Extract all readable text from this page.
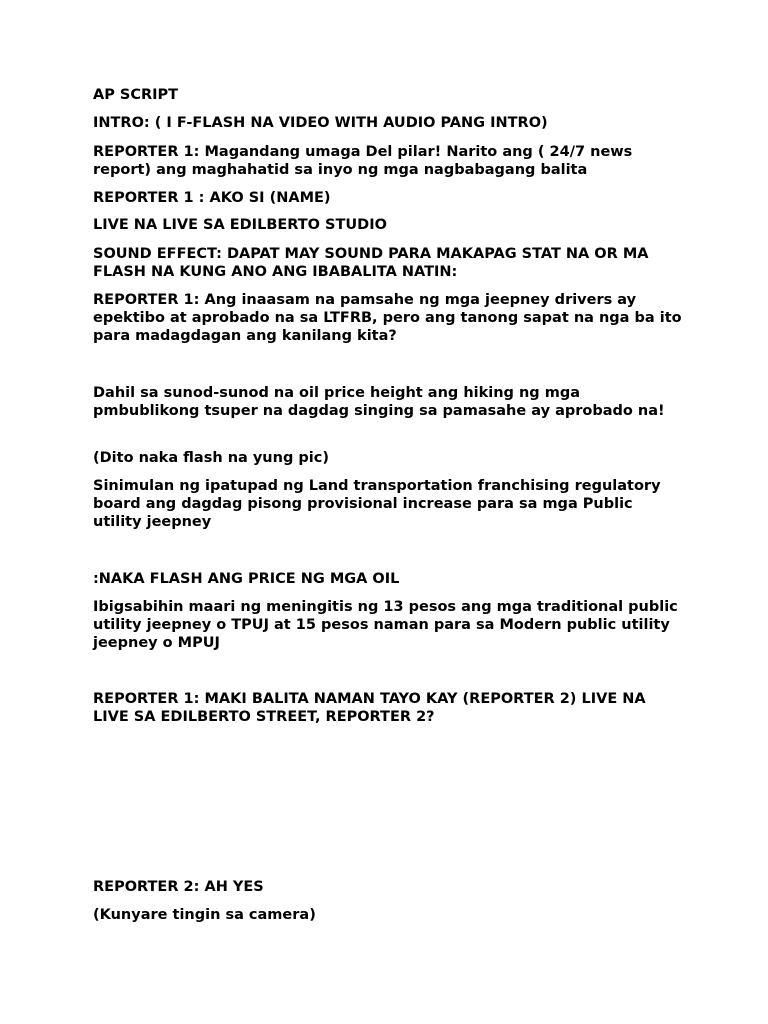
AP SCRIPT
INTRO: ( I F-FLASH NA VIDEO WITH AUDIO PANG INTRO)
REPORTER 1: Magandang umaga Del pilar! Narito ang ( 24/7 news report) ang maghahatid sa inyo ng mga nagbabagang balita
REPORTER 1 : AKO SI (NAME)
LIVE NA LIVE SA EDILBERTO STUDIO
SOUND EFFECT: DAPAT MAY SOUND PARA MAKAPAG STAT NA OR MA FLASH NA KUNG ANO ANG IBABALITA NATIN:
REPORTER 1: Ang inaasam na pamsahe ng mga jeepney drivers ay epektibo at aprobado na sa LTFRB, pero ang tanong sapat na nga ba ito para madagdagan ang kanilang kita?
Dahil sa sunod-sunod na oil price height ang hiking ng mga pmbublikong tsuper na dagdag singing sa pamasahe ay aprobado na!
(Dito naka flash na yung pic)
Sinimulan ng ipatupad ng Land transportation franchising regulatory board ang dagdag pisong provisional increase para sa mga Public utility jeepney
:NAKA FLASH ANG PRICE NG MGA OIL
Ibigsabihin maari ng meningitis ng 13 pesos ang mga traditional public utility jeepney o TPUJ at 15 pesos naman para sa Modern public utility jeepney o MPUJ
REPORTER 1: MAKI BALITA NAMAN TAYO KAY (REPORTER 2) LIVE NA LIVE SA EDILBERTO STREET, REPORTER 2?
REPORTER 2: AH YES
(Kunyare tingin sa camera)
